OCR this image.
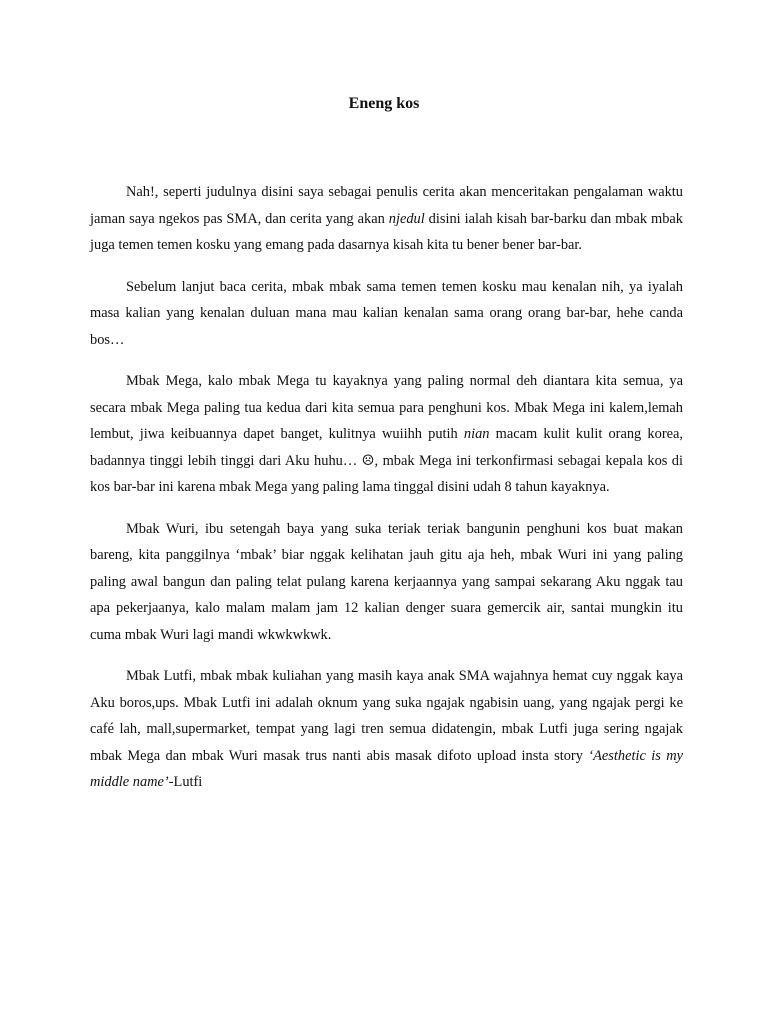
Eneng kos

Nah!, seperti judulnya disini saya sebagai penulis cerita akan menceritakan pengalaman waktu jaman saya ngekos pas SMA, dan cerita yang akan njedul disini ialah kisah bar-barku dan mbak mbak juga temen temen kosku yang emang pada dasarnya kisah kita tu bener bener bar-bar.

Sebelum lanjut baca cerita, mbak mbak sama temen temen kosku mau kenalan nih, ya iyalah masa kalian yang kenalan duluan mana mau kalian kenalan sama orang orang bar-bar, hehe canda bos…

Mbak Mega, kalo mbak Mega tu kayaknya yang paling normal deh diantara kita semua, ya secara mbak Mega paling tua kedua dari kita semua para penghuni kos. Mbak Mega ini kalem,lemah lembut, jiwa keibuannya dapet banget, kulitnya wuiihh putih nian macam kulit kulit orang korea, badannya tinggi lebih tinggi dari Aku huhu… ☹, mbak Mega ini terkonfirmasi sebagai kepala kos di kos bar-bar ini karena mbak Mega yang paling lama tinggal disini udah 8 tahun kayaknya.

Mbak Wuri, ibu setengah baya yang suka teriak teriak bangunin penghuni kos buat makan bareng, kita panggilnya ‘mbak’ biar nggak kelihatan jauh gitu aja heh, mbak Wuri ini yang paling paling awal bangun dan paling telat pulang karena kerjaannya yang sampai sekarang Aku nggak tau apa pekerjaanya, kalo malam malam jam 12 kalian denger suara gemercik air, santai mungkin itu cuma mbak Wuri lagi mandi wkwkwkwk.

Mbak Lutfi, mbak mbak kuliahan yang masih kaya anak SMA wajahnya hemat cuy nggak kaya Aku boros,ups. Mbak Lutfi ini adalah oknum yang suka ngajak ngabisin uang, yang ngajak pergi ke café lah, mall,supermarket, tempat yang lagi tren semua didatengin, mbak Lutfi juga sering ngajak mbak Mega dan mbak Wuri masak trus nanti abis masak difoto upload insta story ‘Aesthetic is my middle name’-Lutfi
